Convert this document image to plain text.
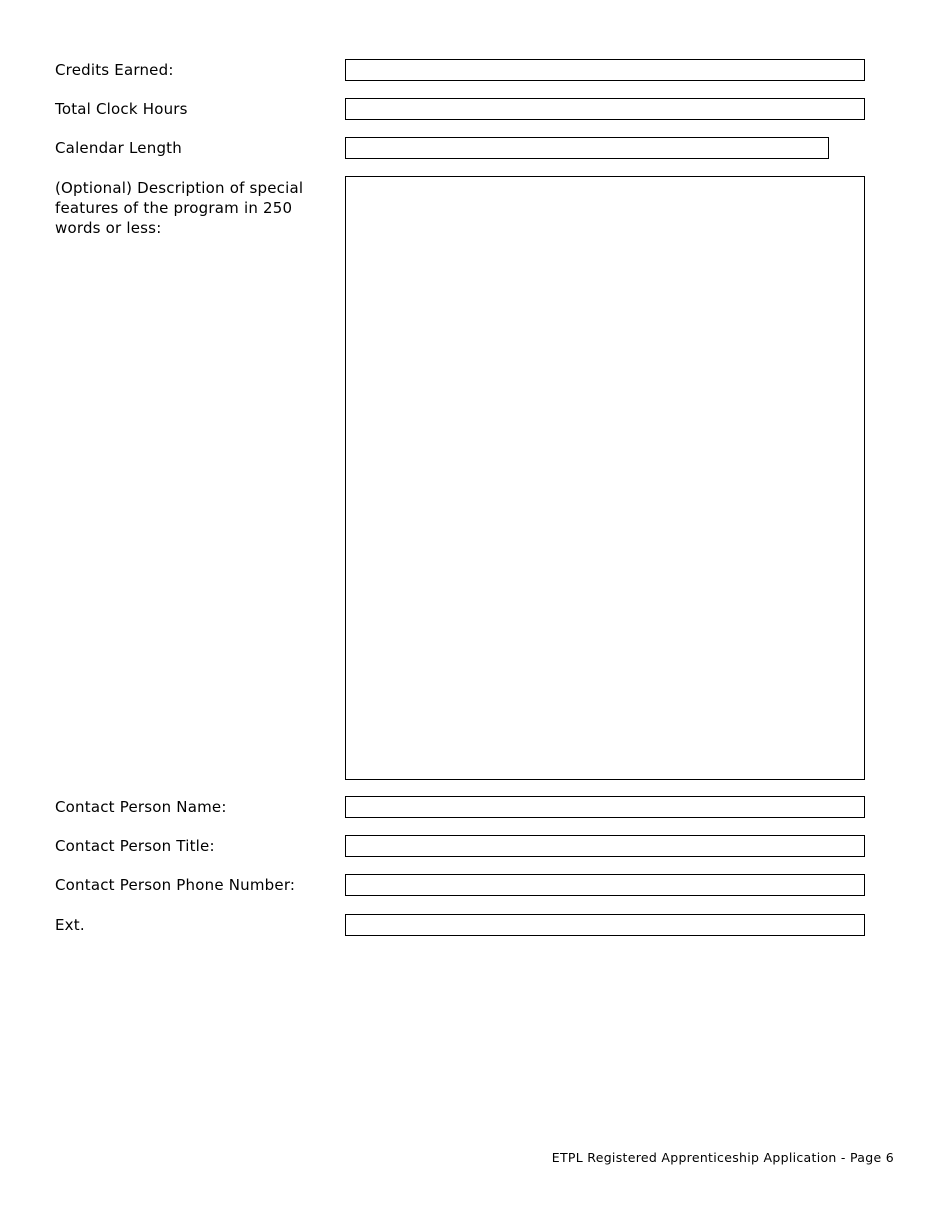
Credits Earned:
Total Clock Hours
Calendar Length
(Optional) Description of special features of the program in 250 words or less:
Contact Person Name:
Contact Person Title:
Contact Person Phone Number:
Ext.
ETPL Registered Apprenticeship Application - Page 6
